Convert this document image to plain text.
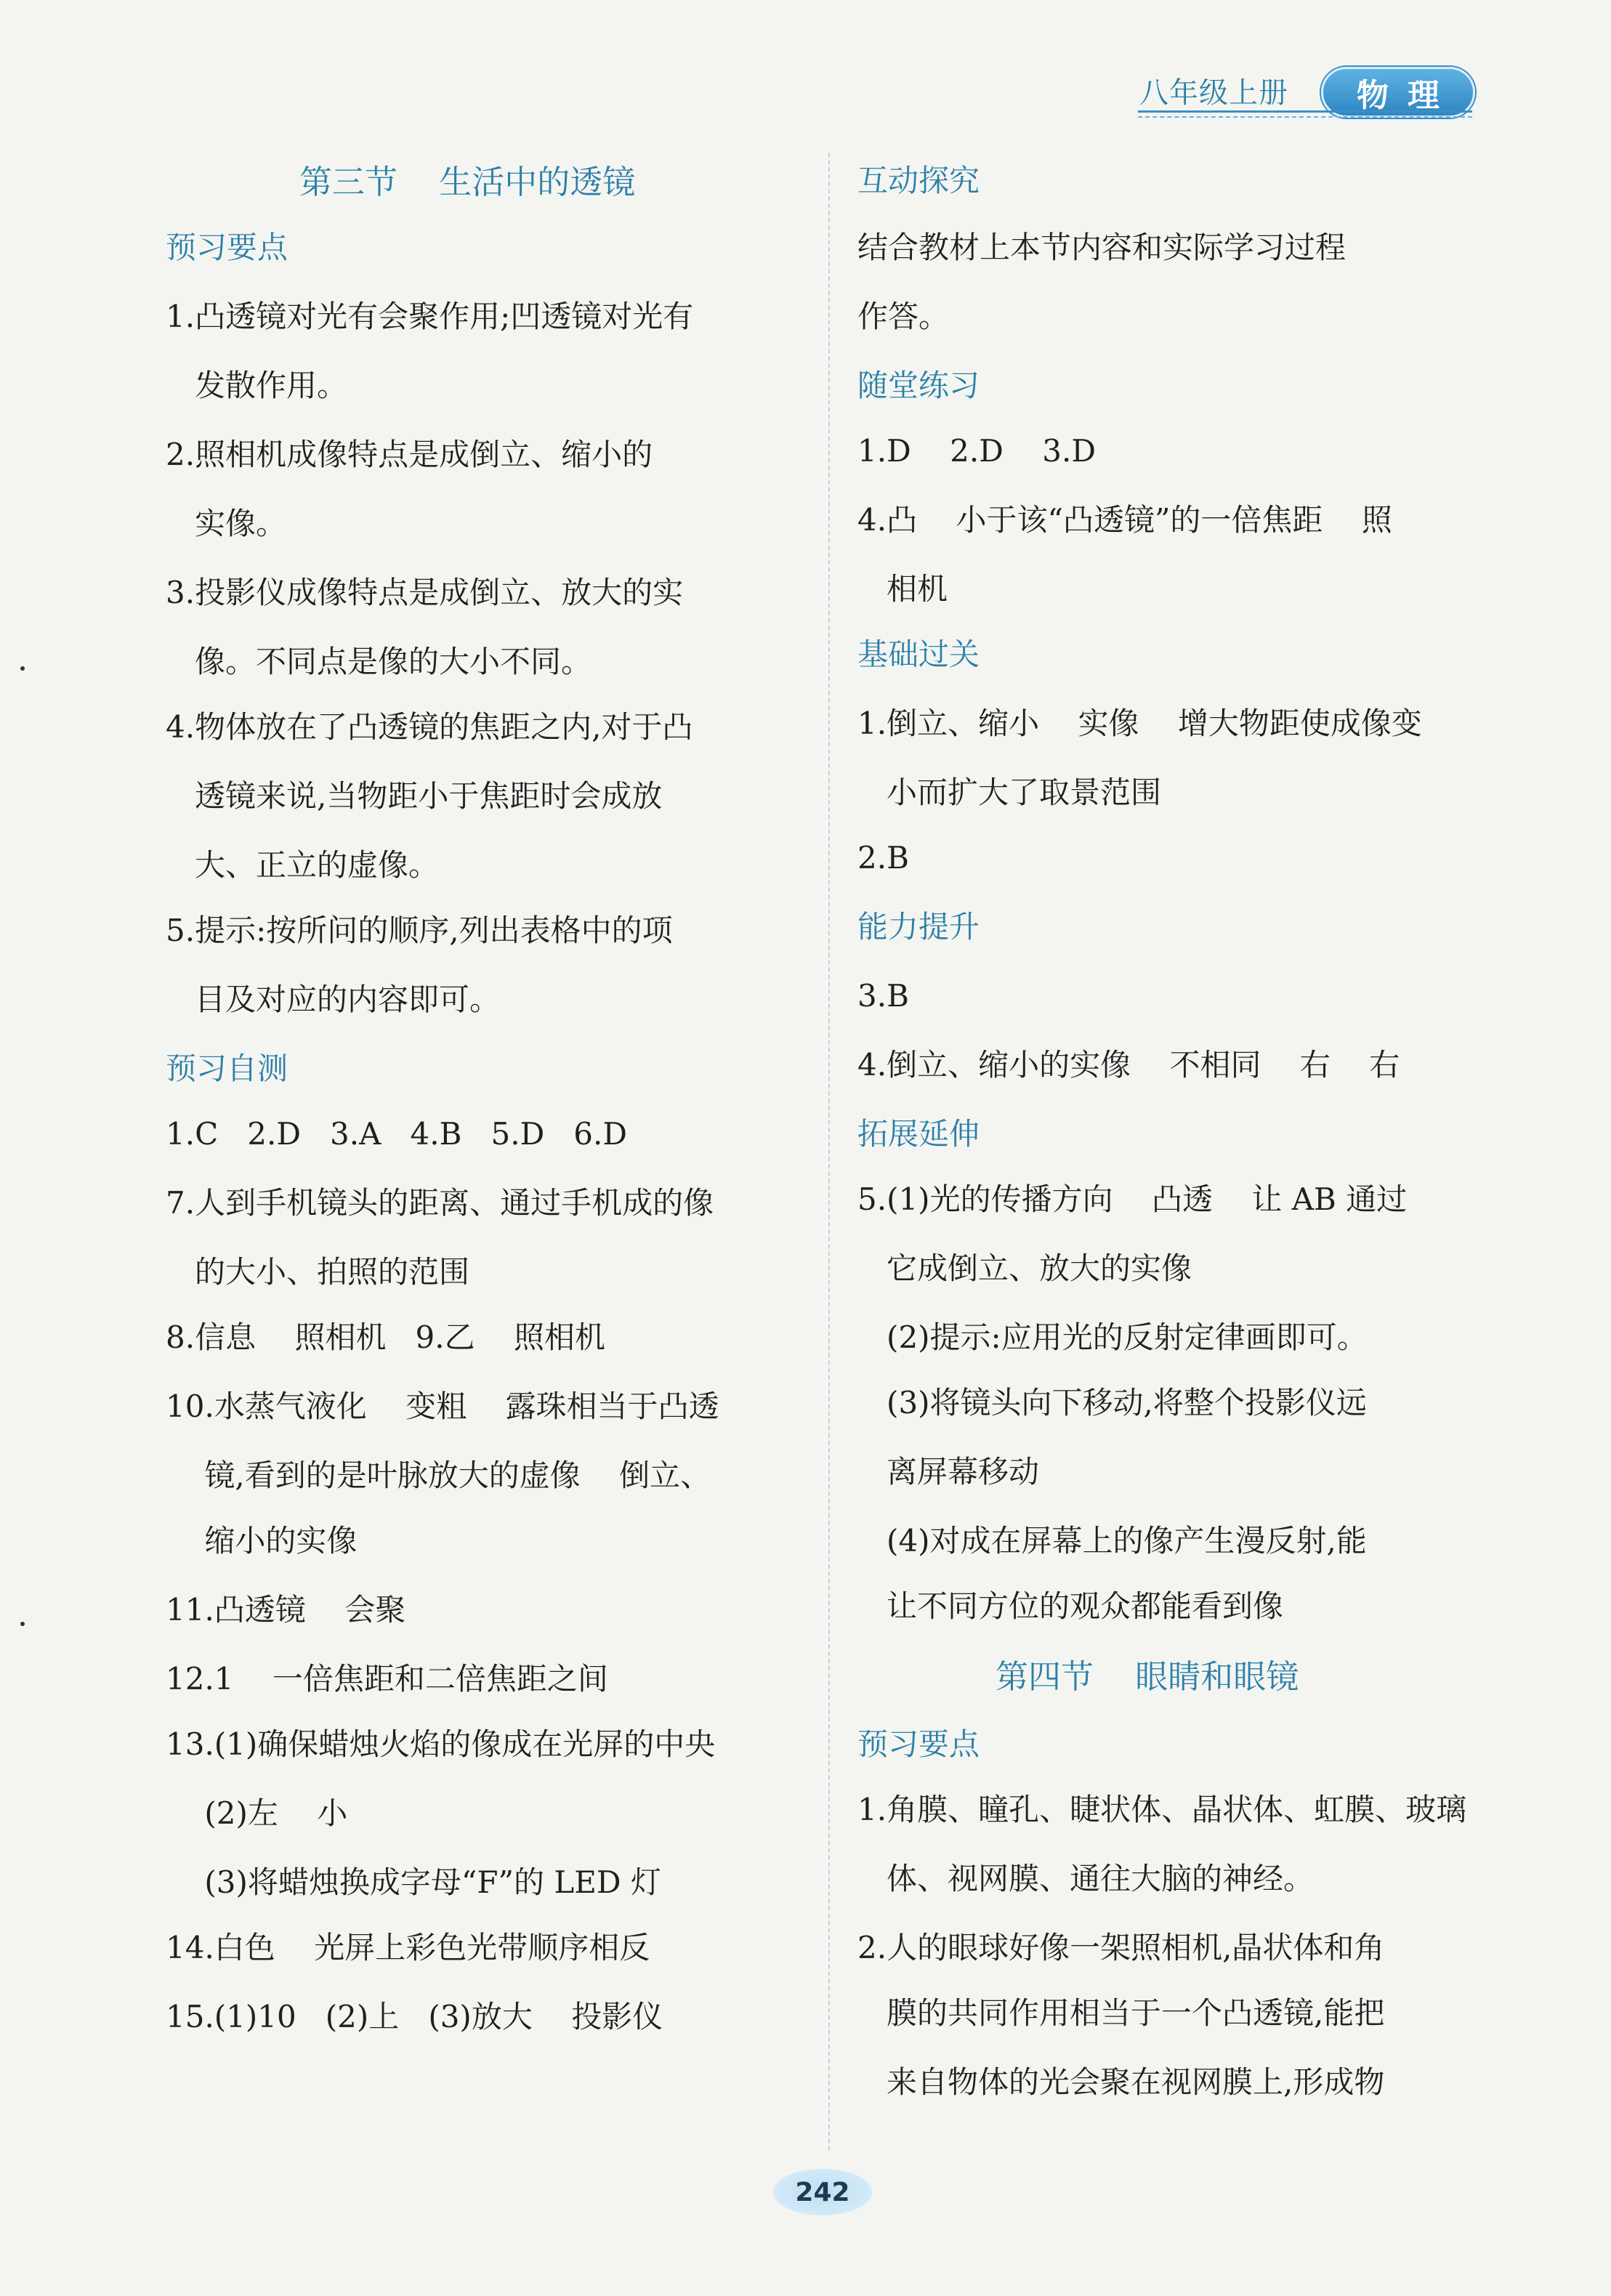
八年级上册	物理
第三节    生活中的透镜
预习要点
1.凸透镜对光有会聚作用;凹透镜对光有
发散作用。
2.照相机成像特点是成倒立、缩小的
实像。
3.投影仪成像特点是成倒立、放大的实
像。不同点是像的大小不同。
4.物体放在了凸透镜的焦距之内,对于凸
透镜来说,当物距小于焦距时会成放
大、正立的虚像。
5.提示:按所问的顺序,列出表格中的项
目及对应的内容即可。
预习自测
1.C   2.D   3.A   4.B   5.D   6.D
7.人到手机镜头的距离、通过手机成的像
的大小、拍照的范围
8.信息    照相机   9.乙    照相机
10.水蒸气液化    变粗    露珠相当于凸透
镜,看到的是叶脉放大的虚像    倒立、
缩小的实像
11.凸透镜    会聚
12.1    一倍焦距和二倍焦距之间
13.(1)确保蜡烛火焰的像成在光屏的中央
(2)左    小
(3)将蜡烛换成字母“F”的 LED 灯
14.白色    光屏上彩色光带顺序相反
15.(1)10   (2)上   (3)放大    投影仪
互动探究
结合教材上本节内容和实际学习过程
作答。
随堂练习
1.D    2.D    3.D
4.凸    小于该“凸透镜”的一倍焦距    照
相机
基础过关
1.倒立、缩小    实像    增大物距使成像变
小而扩大了取景范围
2.B
能力提升
3.B
4.倒立、缩小的实像    不相同    右    右
拓展延伸
5.(1)光的传播方向    凸透    让 AB 通过
它成倒立、放大的实像
(2)提示:应用光的反射定律画即可。
(3)将镜头向下移动,将整个投影仪远
离屏幕移动
(4)对成在屏幕上的像产生漫反射,能
让不同方位的观众都能看到像
第四节    眼睛和眼镜
预习要点
1.角膜、瞳孔、睫状体、晶状体、虹膜、玻璃
体、视网膜、通往大脑的神经。
2.人的眼球好像一架照相机,晶状体和角
膜的共同作用相当于一个凸透镜,能把
来自物体的光会聚在视网膜上,形成物
242
